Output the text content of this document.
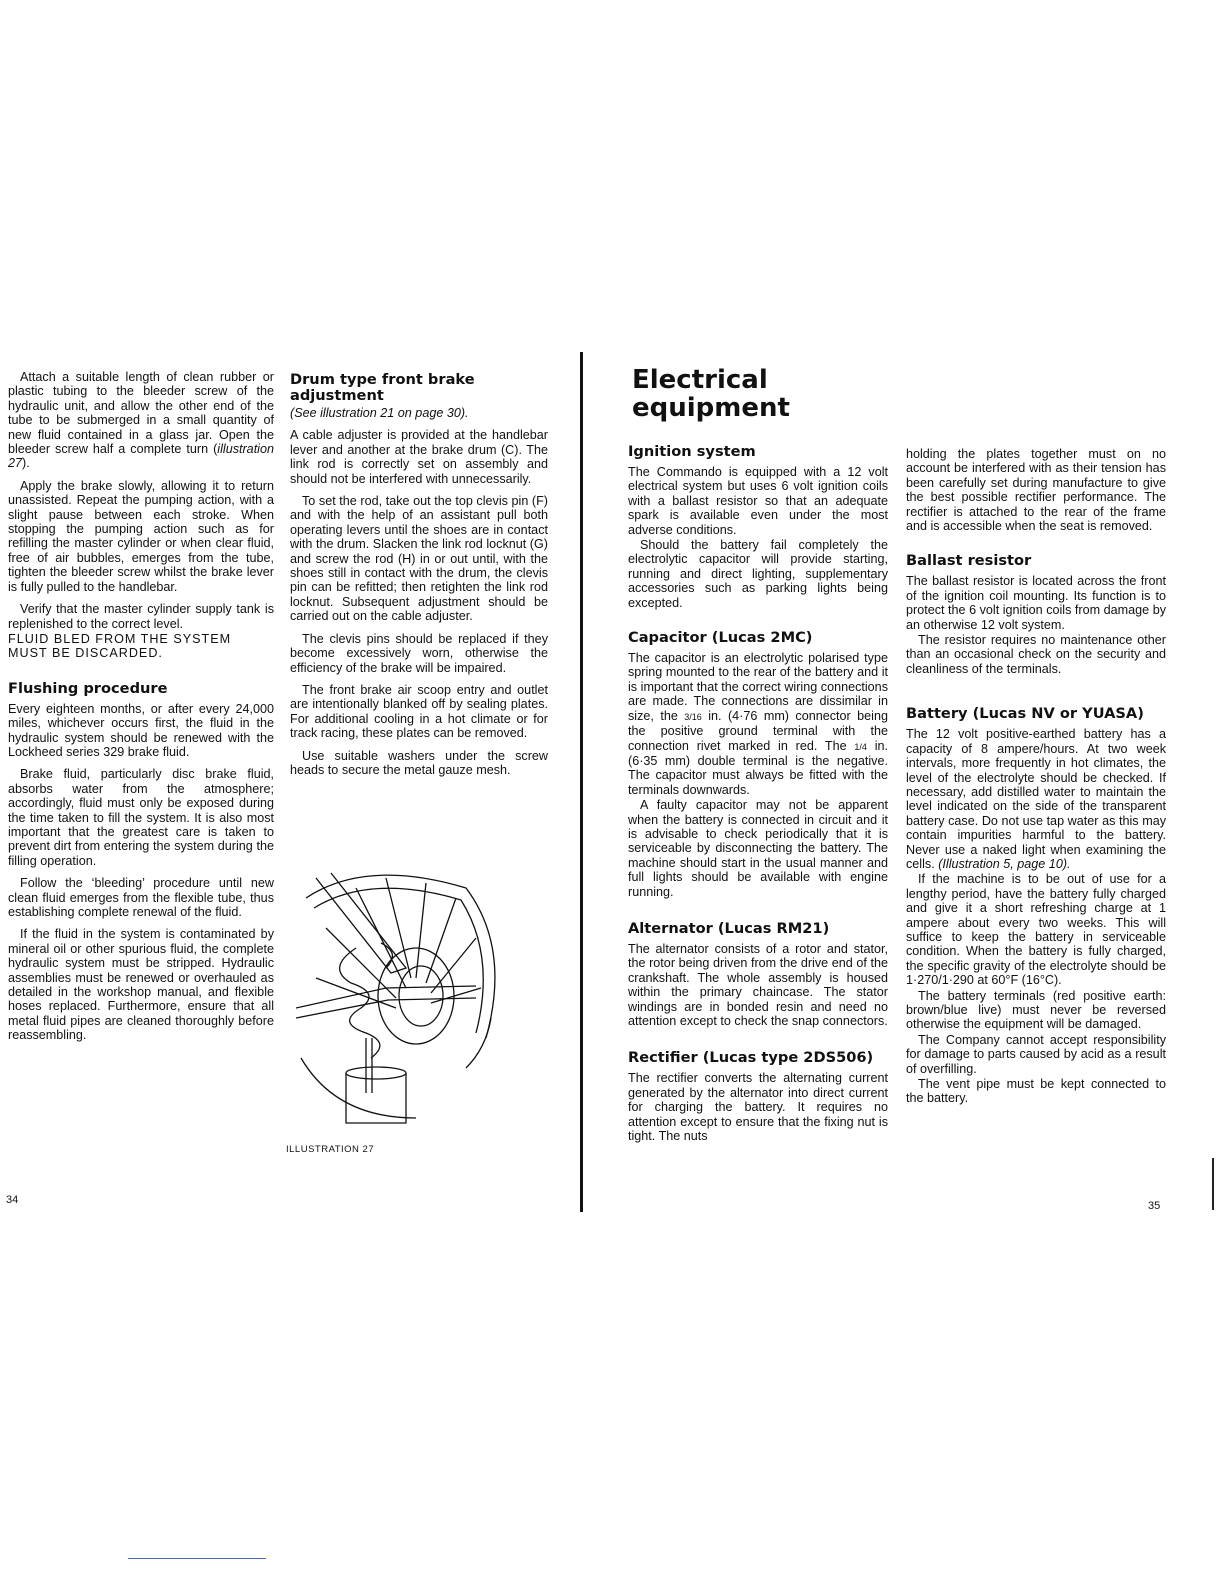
Attach a suitable length of clean rubber or plastic tubing to the bleeder screw of the hydraulic unit, and allow the other end of the tube to be submerged in a small quantity of new fluid contained in a glass jar. Open the bleeder screw half a complete turn (illustration 27).

Apply the brake slowly, allowing it to return unassisted. Repeat the pumping action, with a slight pause between each stroke. When stopping the pumping action such as for refilling the master cylinder or when clear fluid, free of air bubbles, emerges from the tube, tighten the bleeder screw whilst the brake lever is fully pulled to the handlebar.

Verify that the master cylinder supply tank is replenished to the correct level.

FLUID BLED FROM THE SYSTEM MUST BE DISCARDED.

Flushing procedure

Every eighteen months, or after every 24,000 miles, whichever occurs first, the fluid in the hydraulic system should be renewed with the Lockheed series 329 brake fluid.

Brake fluid, particularly disc brake fluid, absorbs water from the atmosphere; accordingly, fluid must only be exposed during the time taken to fill the system. It is also most important that the greatest care is taken to prevent dirt from entering the system during the filling operation.

Follow the ‘bleeding’ procedure until new clean fluid emerges from the flexible tube, thus establishing complete renewal of the fluid.

If the fluid in the system is contaminated by mineral oil or other spurious fluid, the complete hydraulic system must be stripped. Hydraulic assemblies must be renewed or overhauled as detailed in the workshop manual, and flexible hoses replaced. Furthermore, ensure that all metal fluid pipes are cleaned thoroughly before reassembling.

Drum type front brake adjustment

(See illustration 21 on page 30).

A cable adjuster is provided at the handlebar lever and another at the brake drum (C). The link rod is correctly set on assembly and should not be interfered with unnecessarily.

To set the rod, take out the top clevis pin (F) and with the help of an assistant pull both operating levers until the shoes are in contact with the drum. Slacken the link rod locknut (G) and screw the rod (H) in or out until, with the shoes still in contact with the drum, the clevis pin can be refitted; then retighten the link rod locknut. Subsequent adjustment should be carried out on the cable adjuster.

The clevis pins should be replaced if they become excessively worn, otherwise the efficiency of the brake will be impaired.

The front brake air scoop entry and outlet are intentionally blanked off by sealing plates. For additional cooling in a hot climate or for track racing, these plates can be removed.

Use suitable washers under the screw heads to secure the metal gauze mesh.

ILLUSTRATION 27
34
Electrical
equipment
Ignition system

The Commando is equipped with a 12 volt electrical system but uses 6 volt ignition coils with a ballast resistor so that an adequate spark is available even under the most adverse conditions.

Should the battery fail completely the electrolytic capacitor will provide starting, running and direct lighting, supplementary accessories such as parking lights being excepted.

Capacitor (Lucas 2MC)

The capacitor is an electrolytic polarised type spring mounted to the rear of the battery and it is important that the correct wiring connections are made. The connections are dissimilar in size, the 3/16 in. (4·76 mm) connector being the positive ground terminal with the connection rivet marked in red. The 1/4 in. (6·35 mm) double terminal is the negative. The capacitor must always be fitted with the terminals downwards.

A faulty capacitor may not be apparent when the battery is connected in circuit and it is advisable to check periodically that it is serviceable by disconnecting the battery. The machine should start in the usual manner and full lights should be available with engine running.

Alternator (Lucas RM21)

The alternator consists of a rotor and stator, the rotor being driven from the drive end of the crankshaft. The whole assembly is housed within the primary chaincase. The stator windings are in bonded resin and need no attention except to check the snap connectors.

Rectifier (Lucas type 2DS506)

The rectifier converts the alternating current generated by the alternator into direct current for charging the battery. It requires no attention except to ensure that the fixing nut is tight. The nuts

holding the plates together must on no account be interfered with as their tension has been carefully set during manufacture to give the best possible rectifier performance. The rectifier is attached to the rear of the frame and is accessible when the seat is removed.

Ballast resistor

The ballast resistor is located across the front of the ignition coil mounting. Its function is to protect the 6 volt ignition coils from damage by an otherwise 12 volt system.

The resistor requires no maintenance other than an occasional check on the security and cleanliness of the terminals.

Battery (Lucas NV or YUASA)

The 12 volt positive-earthed battery has a capacity of 8 ampere/hours. At two week intervals, more frequently in hot climates, the level of the electrolyte should be checked. If necessary, add distilled water to maintain the level indicated on the side of the transparent battery case. Do not use tap water as this may contain impurities harmful to the battery. Never use a naked light when examining the cells. (Illustration 5, page 10).

If the machine is to be out of use for a lengthy period, have the battery fully charged and give it a short refreshing charge at 1 ampere about every two weeks. This will suffice to keep the battery in serviceable condition. When the battery is fully charged, the specific gravity of the electrolyte should be 1·270/1·290 at 60°F (16°C).

The battery terminals (red positive earth: brown/blue live) must never be reversed otherwise the equipment will be damaged.

The Company cannot accept responsibility for damage to parts caused by acid as a result of overfilling.

The vent pipe must be kept connected to the battery.

35
